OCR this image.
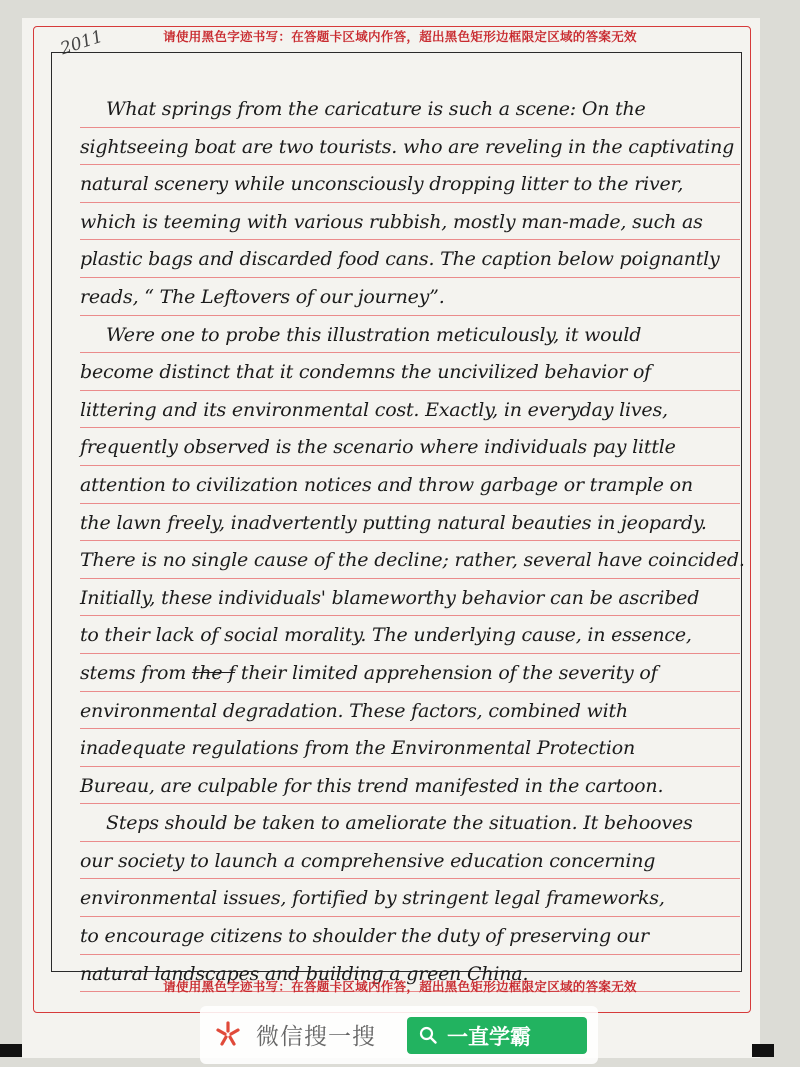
请使用黑色字迹书写：在答题卡区域内作答，超出黑色矩形边框限定区域的答案无效
2011
What springs from the caricature is such a scene: On the
sightseeing boat are two tourists. who are reveling in the captivating
natural scenery while unconsciously dropping litter to the river,
which is teeming with various rubbish, mostly man-made, such as
plastic bags and discarded food cans. The caption below poignantly
reads, “ The Leftovers of our journey”.
Were one to probe this illustration meticulously, it would
become distinct that it condemns the uncivilized behavior of
littering and its environmental cost. Exactly, in everyday lives,
frequently observed is the scenario where individuals pay little
attention to civilization notices and throw garbage or trample on
the lawn freely, inadvertently putting natural beauties in jeopardy.
There is no single cause of the decline; rather, several have coincided.
Initially, these individuals' blameworthy behavior can be ascribed
to their lack of social morality. The underlying cause, in essence,
stems from the f their limited apprehension of the severity of
environmental degradation. These factors, combined with
inadequate regulations from the Environmental Protection
Bureau, are culpable for this trend manifested in the cartoon.
Steps should be taken to ameliorate the situation. It behooves
our society to launch a comprehensive education concerning
environmental issues, fortified by stringent legal frameworks,
to encourage citizens to shoulder the duty of preserving our
natural landscapes and building a green China.
请使用黑色字迹书写：在答题卡区域内作答，超出黑色矩形边框限定区域的答案无效
微信搜一搜	一直学霸
